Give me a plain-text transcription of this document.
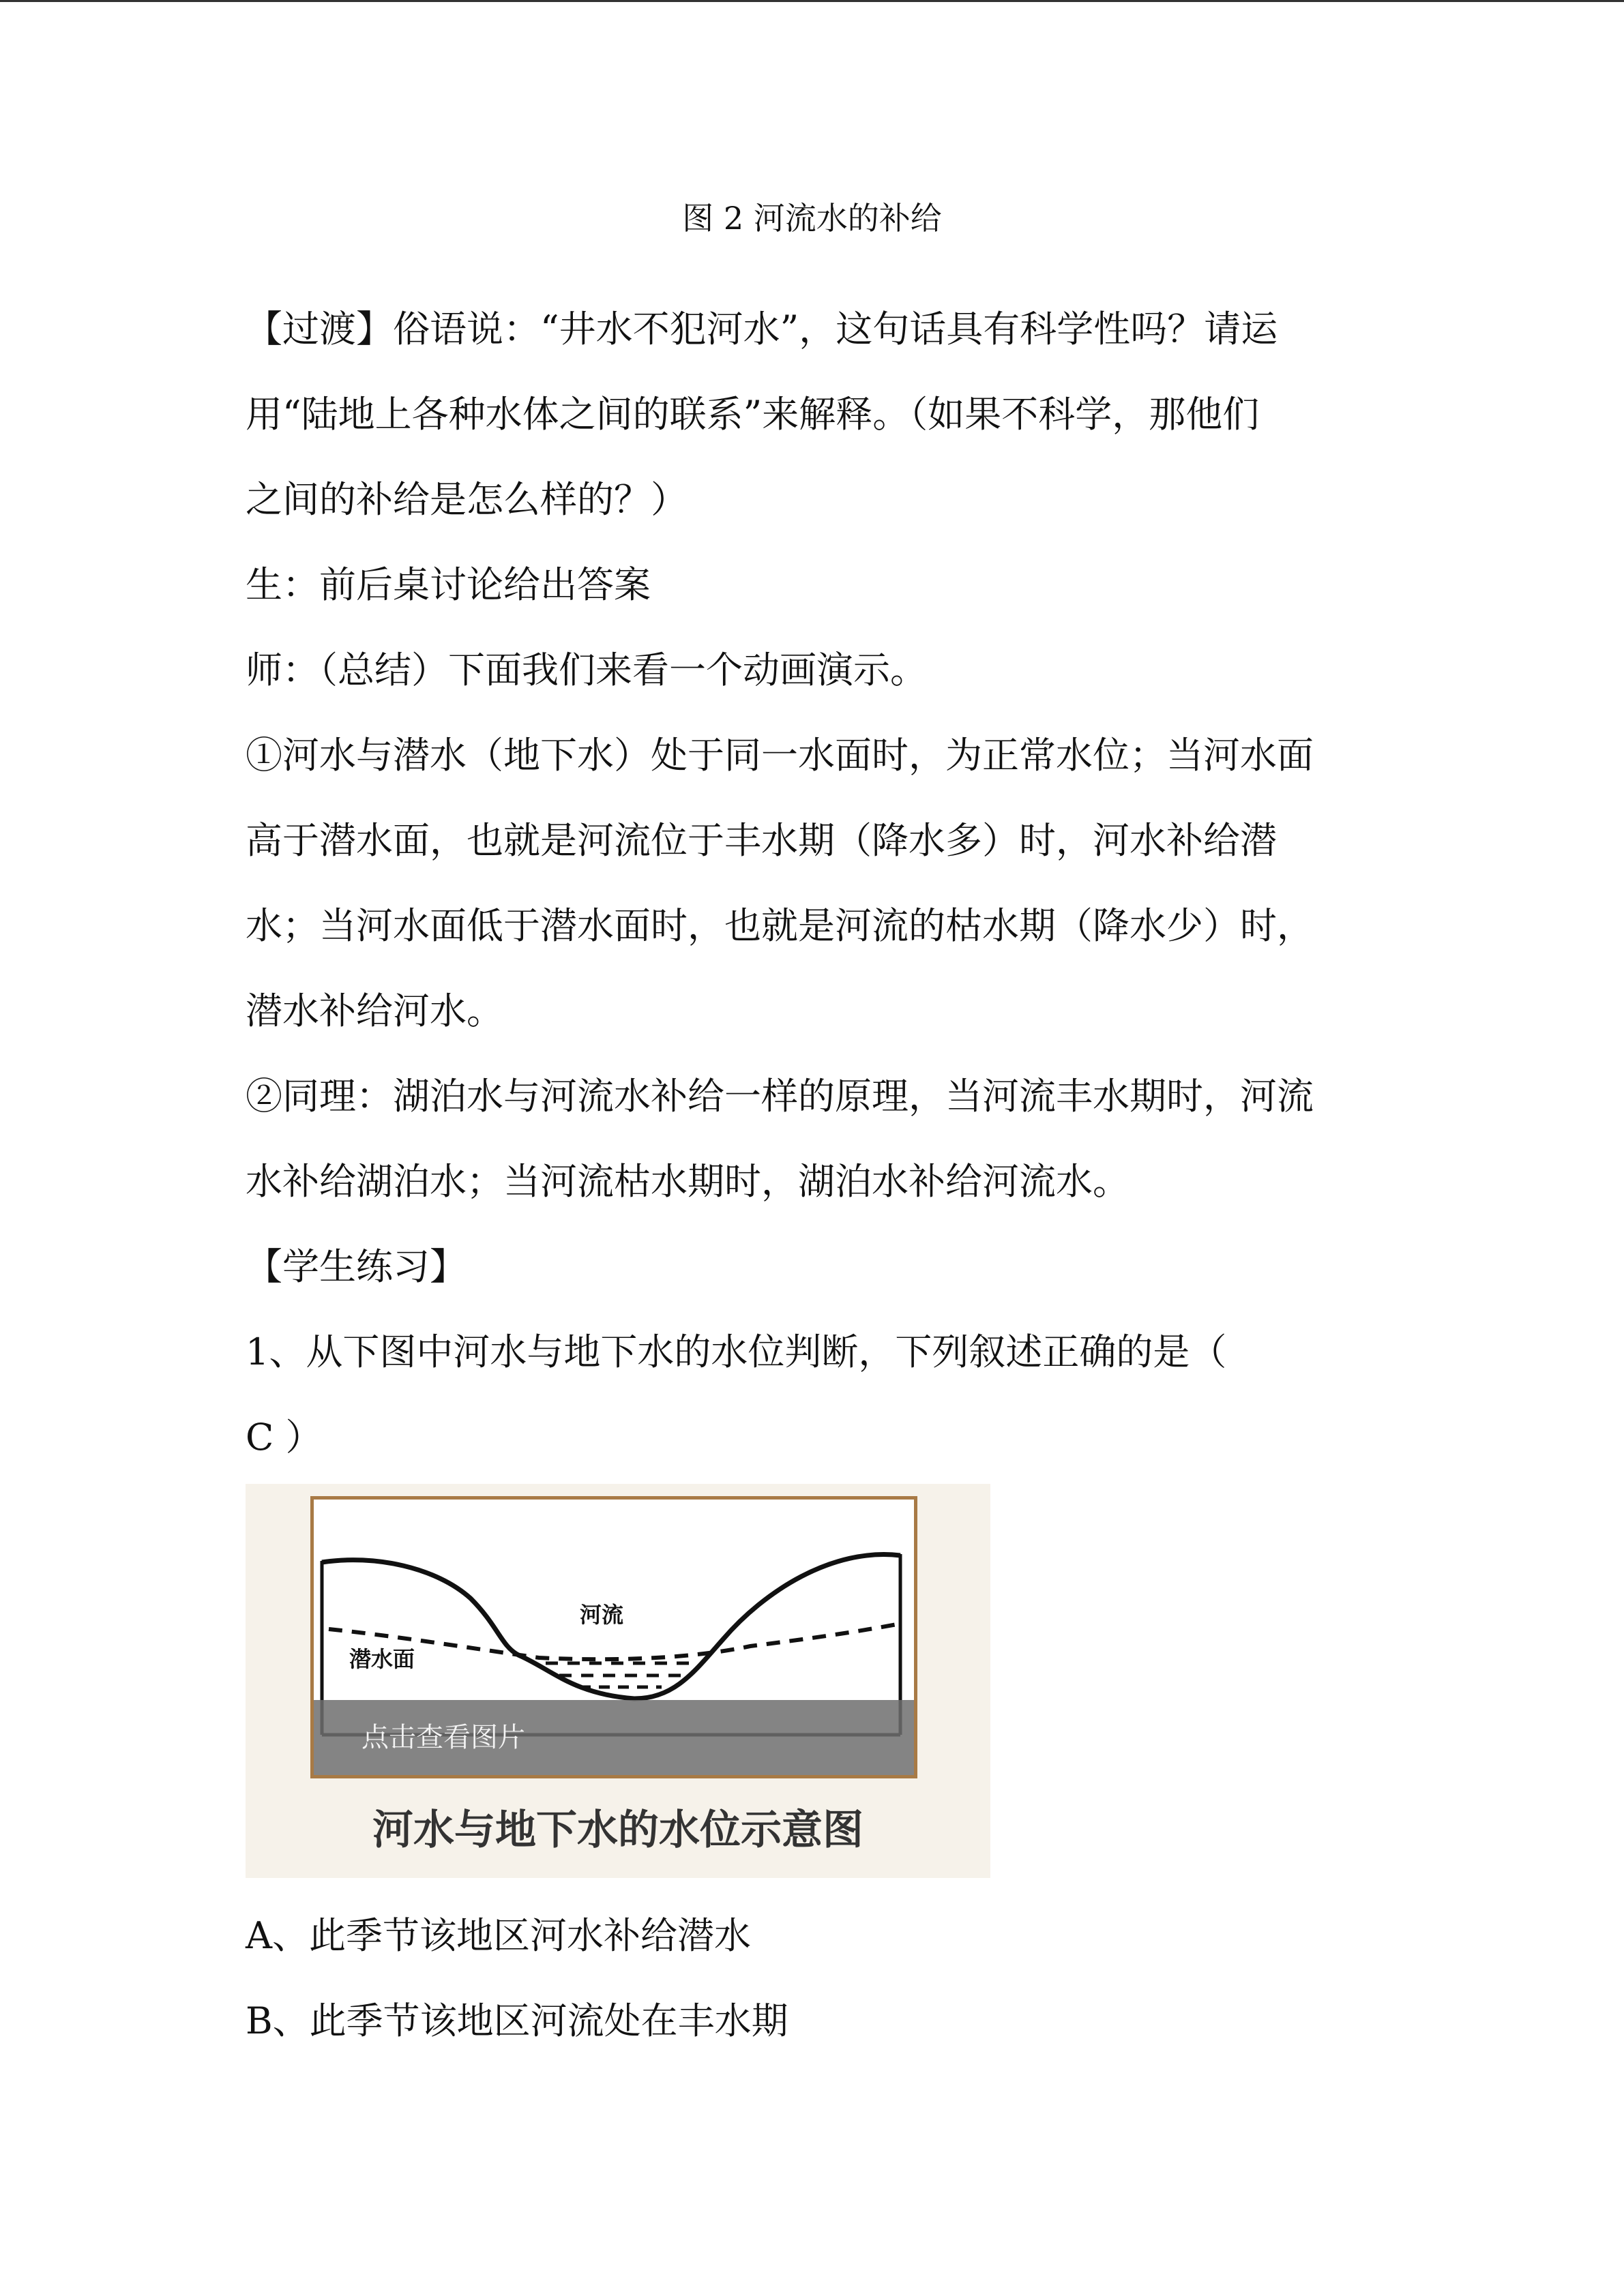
图 2 河流水的补给

【过渡】俗语说：“井水不犯河水”，这句话具有科学性吗？请运

用“陆地上各种水体之间的联系”来解释。（如果不科学，那他们

之间的补给是怎么样的？）

生：前后桌讨论给出答案

师：（总结）下面我们来看一个动画演示。

①河水与潜水（地下水）处于同一水面时，为正常水位；当河水面

高于潜水面，也就是河流位于丰水期（降水多）时，河水补给潜

水；当河水面低于潜水面时，也就是河流的枯水期（降水少）时，

潜水补给河水。

②同理：湖泊水与河流水补给一样的原理，当河流丰水期时，河流

水补给湖泊水；当河流枯水期时，湖泊水补给河流水。

【学生练习】

1、从下图中河水与地下水的水位判断，下列叙述正确的是（

C ）

河流
潜水面
点击查看图片
河水与地下水的水位示意图

A、此季节该地区河水补给潜水

B、此季节该地区河流处在丰水期
